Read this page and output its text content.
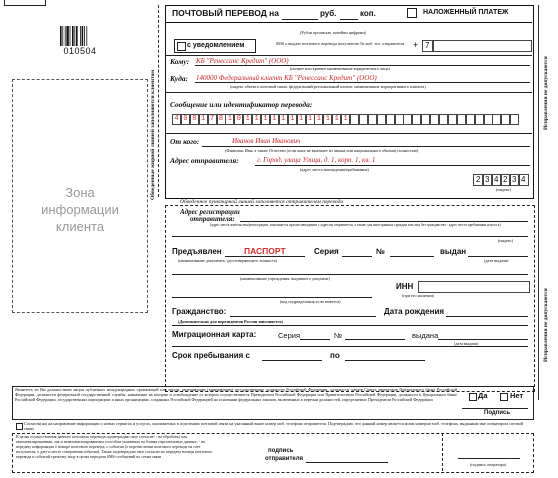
010504
Зона
информации
клиента
Обведенные жирной линией заполняются клиентом	Исправления не допускаются
Исправления не допускаются
ПОЧТОВЫЙ ПЕРЕВОД на	руб.	коп.	НАЛОЖЕННЫЙ ПЛАТЕЖ
(Рубли прописью, копейки цифрами)
с уведомлением	SMS о выдаче почтового перевода получателю № моб. тел. отправителя + 7
Кому: КБ "Ренессанс Кредит" (ООО)
(полное или краткое наименование юридического лица)
Куда: 140000 Федеральный клиент КБ "Ренессанс Кредит" (ООО)
(индекс объекта почтовой связи, федеральный/региональный клиент, наименование корпоративного клиента)
Сообщение или идентификатор перевода:
4 0 8 1 7 8 1 0 1 1 1 1 1 1 1 1 1 1 1 1
От кого:	Иванов Иван Иванович
(Фамилия, Имя, а также Отчество (если иное не вытекает из закона или национального обычая) полностью)
Адрес отправителя:	г. Город, улица Улица, д. 1, корп. 1, кв. 1
(адрес места нахождения/пребывания)
2 3 4 2 3 4
(индекс)
Обведенное пунктирной линией заполняется отправителем перевода
Адрес регистрации
отправителя:
(адрес места жительства/регистрации, заполняется при несовпадении с адресом отправителя, а также для иностранных граждан или лиц без гражданства - адрес места пребывания или из к)
(индекс)
Предъявлен	ПАСПОРТ	Серия	№	выдан
(наименование документа, удостоверяющего личность)	(дата выдачи)
(наименование учреждения, выдавшего документ)
ИНН
(при его наличии)
(код подразделения если имеется)
Гражданство:	Дата рождения
(Дополнительно для нерезидентов России заполняется)
Миграционная карта:	Серия	№	выдана
(дата выдачи)
Срок пребывания с	по
Являетесь ли Вы должностным лицом публичных международных организаций или лицом, замещающим (занимающим) государственные должности Российской Федерации, должности членов Совета директоров Центрального банка Российской Федерации, должности федеральной государственной службы, назначение на которые и освобождение от которых осуществляются Президентом Российской Федерации или Правительством Российской Федерации, должности в Центральном банке Российской Федерации, государственных корпорациях и иных организациях, созданных Российской Федерацией на основании федеральных законов, включенных в перечни должностей, определяемых Президентом Российской Федерации	Да	Нет
Подпись
Согласен(на) на направление информации о новых сервисах и услугах, оказываемых в отделениях почтовой связи на указанный выше номер моб. телефона отправителя. Подтверждаю, что данный номер является моим номером моб. телефона, выданным мне оператором сотовой связи
В целях осуществления данного почтового перевода подтверждаю свое согласие: - на обработку как автоматизированным, так и неавтоматизированным способом указанных на бланке персональных данных; - на передачу информации о номере почтового перевода, о событии (о перечислении почтового перевода на счет получателя, о дате и месте совершения события). Также подтверждаю свое согласие на передачу номера почтового перевода и событий третьему лицу в целях передачи SMS-сообщений по сетям связи
подпись
отправителя
(подпись оператора)
